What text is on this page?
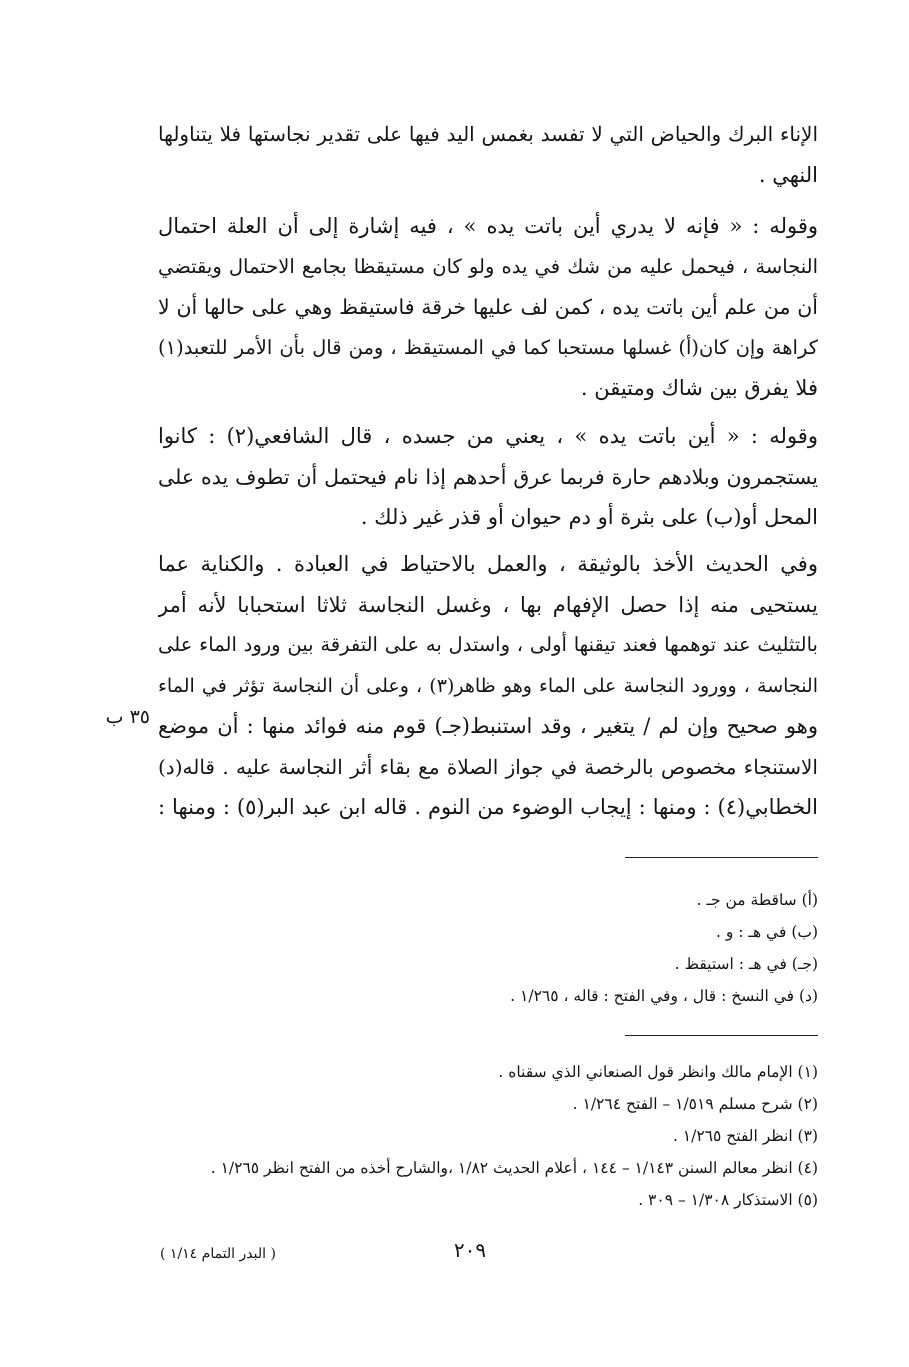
الإناء البرك والحياض التي لا تفسد بغمس اليد فيها على تقدير نجاستها فلا يتناولها
النهي .

وقوله : « فإنه لا يدري أين باتت يده » ، فيه إشارة إلى أن العلة احتمال
النجاسة ، فيحمل عليه من شك في يده ولو كان مستيقظا بجامع الاحتمال ويقتضي
أن من علم أين باتت يده ، كمن لف عليها خرقة فاستيقظ وهي على حالها أن لا
كراهة وإن كان(أ) غسلها مستحبا كما في المستيقظ ، ومن قال بأن الأمر للتعبد(١)
فلا يفرق بين شاك ومتيقن .

وقوله : « أين باتت يده » ، يعني من جسده ، قال الشافعي(٢) : كانوا
يستجمرون وبلادهم حارة فربما عرق أحدهم إذا نام فيحتمل أن تطوف يده على
المحل أو(ب) على بثرة أو دم حيوان أو قذر غير ذلك .

وفي الحديث الأخذ بالوثيقة ، والعمل بالاحتياط في العبادة . والكناية عما
يستحيى منه إذا حصل الإفهام بها ، وغسل النجاسة ثلاثا استحبابا لأنه أمر
بالتثليث عند توهمها فعند تيقنها أولى ، واستدل به على التفرقة بين ورود الماء على
النجاسة ، وورود النجاسة على الماء وهو ظاهر(٣) ، وعلى أن النجاسة تؤثر في الماء
وهو صحيح وإن لم / يتغير ، وقد استنبط(جـ) قوم منه فوائد منها : أن موضع
الاستنجاء مخصوص بالرخصة في جواز الصلاة مع بقاء أثر النجاسة عليه . قاله(د)
الخطابي(٤) : ومنها : إيجاب الوضوء من النوم . قاله ابن عبد البر(٥) : ومنها :

٣٥ ب
(أ) ساقطة من جـ .
(ب) في هـ : و .
(جـ) في هـ : استيقظ .
(د) في النسخ : قال ، وفي الفتح : قاله ، ١/٢٦٥ .
(١) الإمام مالك وانظر قول الصنعاني الذي سقناه .
(٢) شرح مسلم ١/٥١٩ – الفتح ١/٢٦٤ .
(٣) انظر الفتح ١/٢٦٥ .
(٤) انظر معالم السنن ١/١٤٣ – ١٤٤ ، أعلام الحديث ١/٨٢ ،والشارح أخذه من الفتح انظر ١/٢٦٥ .
(٥) الاستذكار ١/٣٠٨ – ٣٠٩ .
٢٠٩
( البدر التمام ١/١٤ )
